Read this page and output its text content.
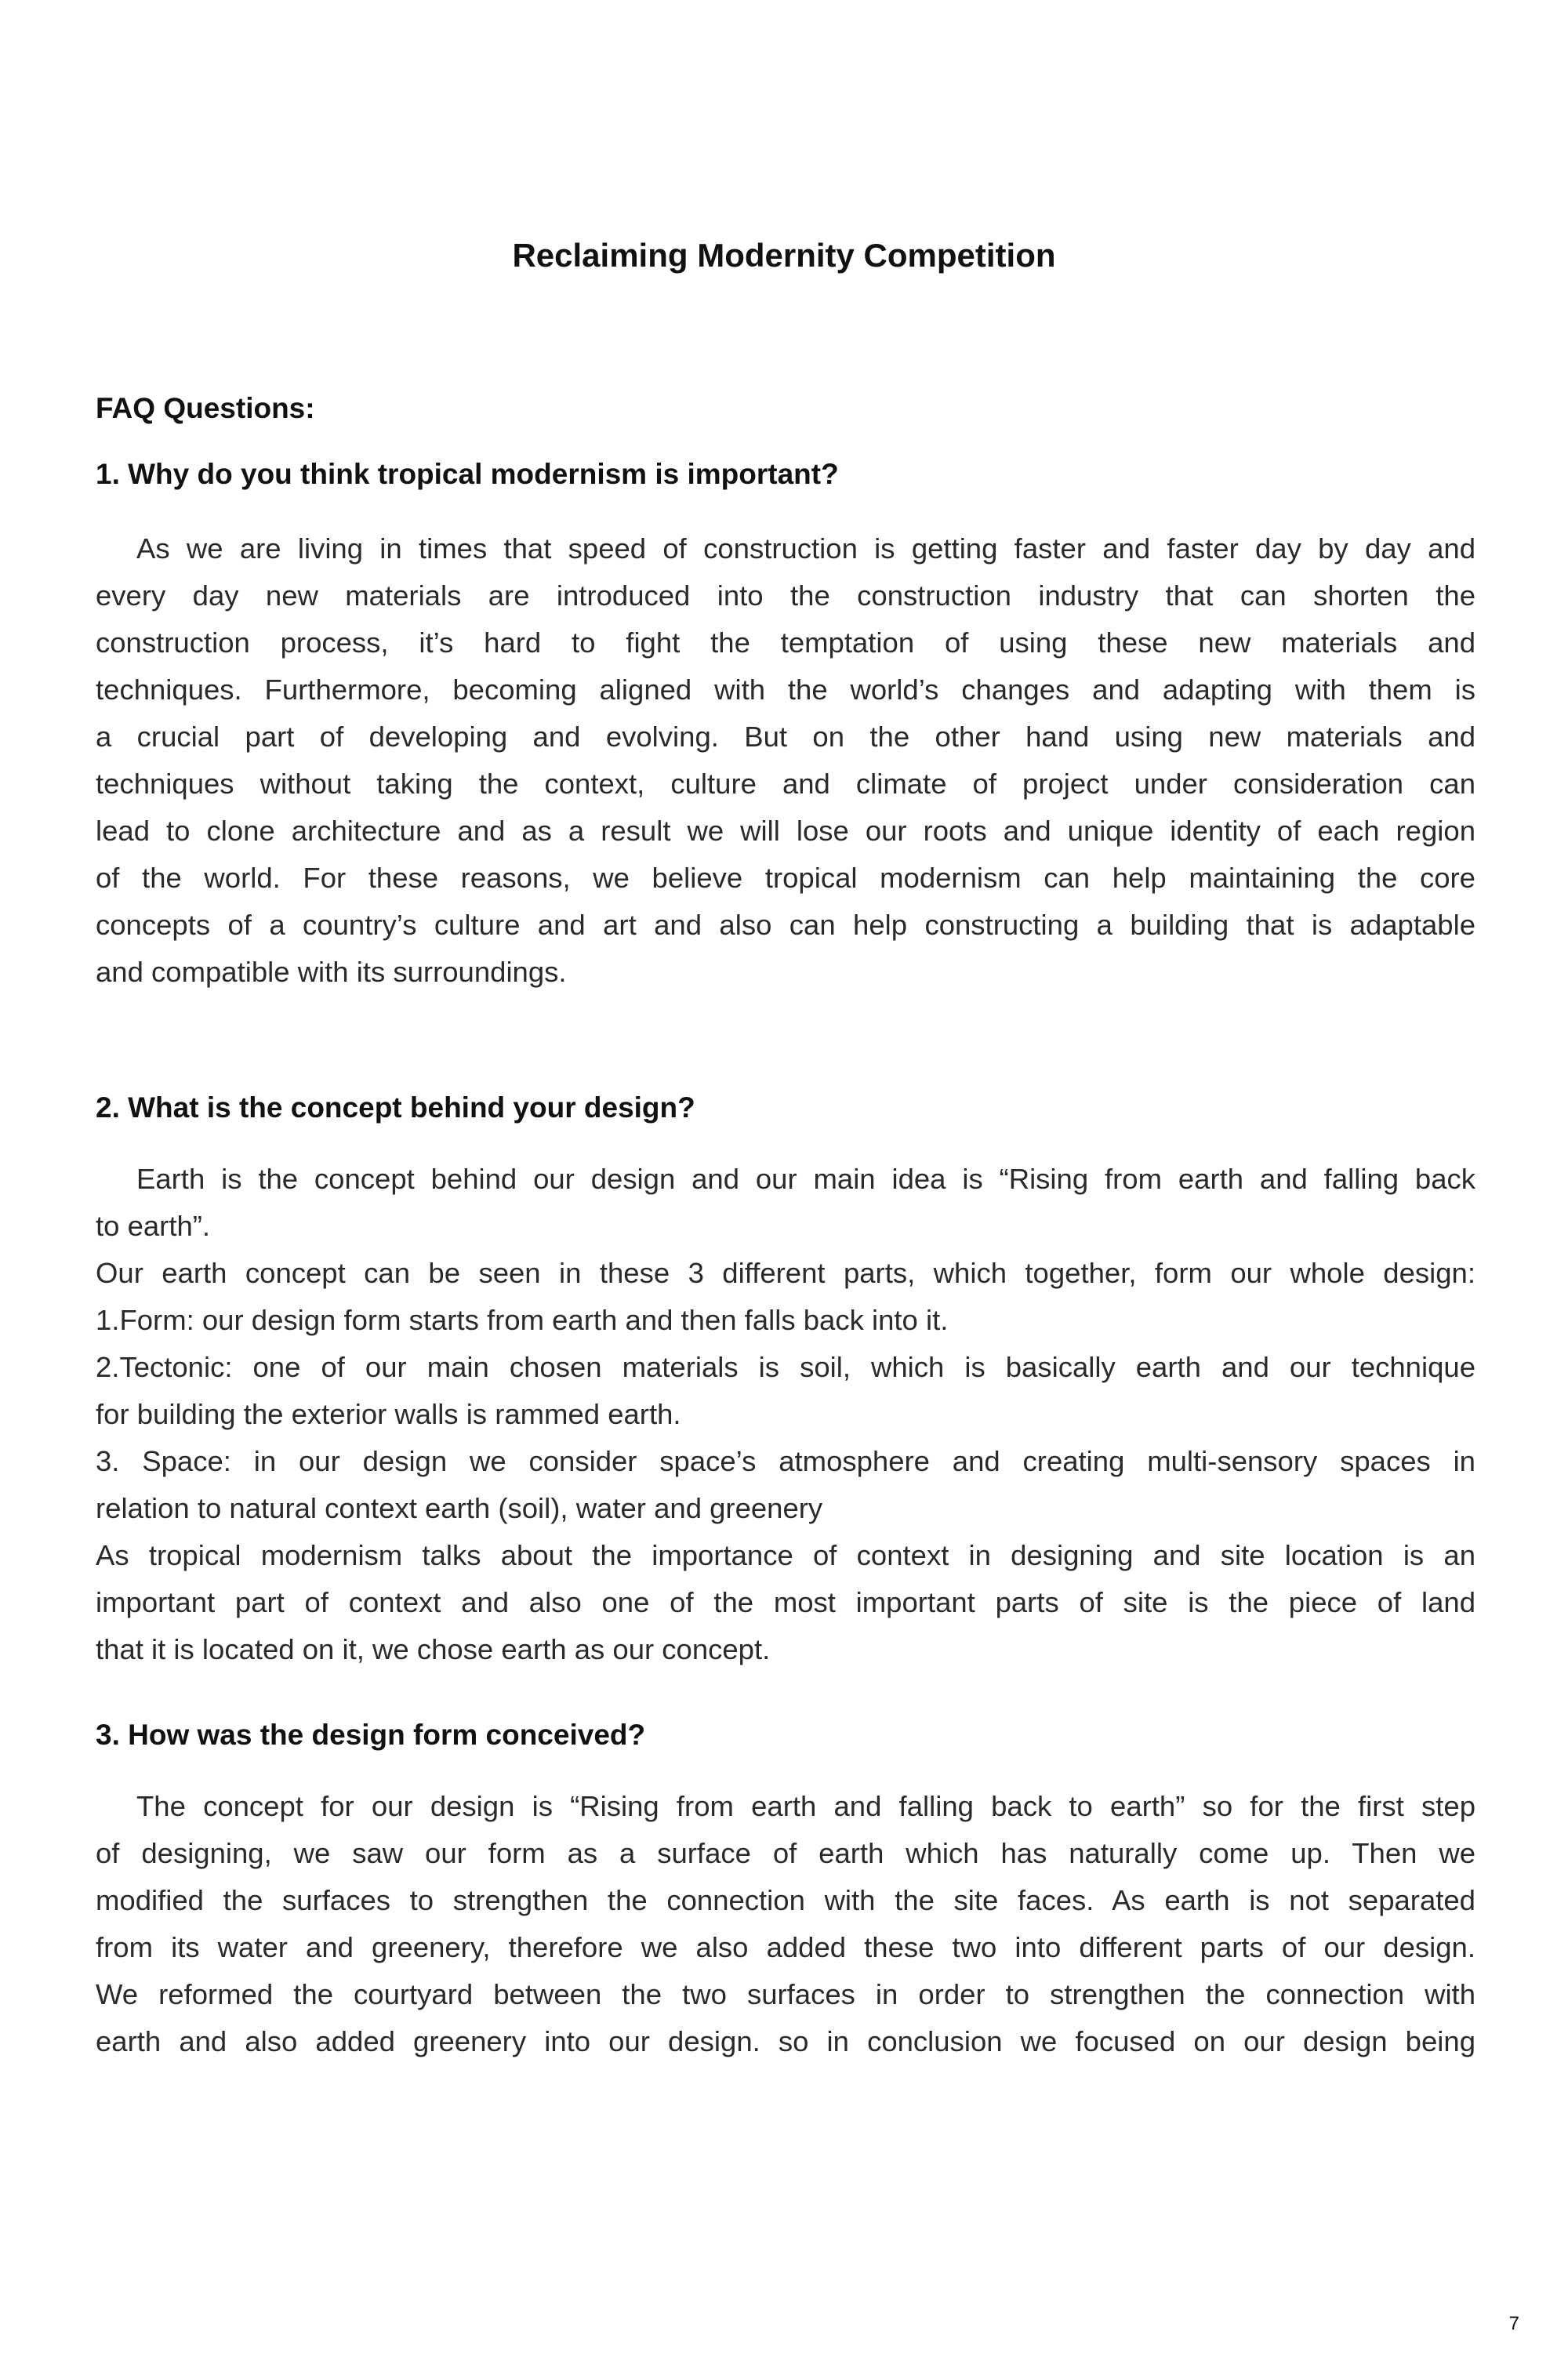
Reclaiming Modernity Competition
FAQ Questions:
1. Why do you think tropical modernism is important?
As we are living in times that speed of construction is getting faster and faster day by day and
every day new materials are introduced into the construction industry that can shorten the
construction process, it’s hard to fight the temptation of using these new materials and
techniques. Furthermore, becoming aligned with the world’s changes and adapting with them is
a crucial part of developing and evolving. But on the other hand using new materials and
techniques without taking the context, culture and climate of project under consideration can
lead to clone architecture and as a result we will lose our roots and unique identity of each region
of the world. For these reasons, we believe tropical modernism can help maintaining the core
concepts of a country’s culture and art and also can help constructing a building that is adaptable
and compatible with its surroundings.
2. What is the concept behind your design?
Earth is the concept behind our design and our main idea is “Rising from earth and falling back
to earth”.
Our earth concept can be seen in these 3 different parts, which together, form our whole design:
1.Form: our design form starts from earth and then falls back into it.
2.Tectonic: one of our main chosen materials is soil, which is basically earth and our technique
for building the exterior walls is rammed earth.
3. Space: in our design we consider space’s atmosphere and creating multi-sensory spaces in
relation to natural context earth (soil), water and greenery
As tropical modernism talks about the importance of context in designing and site location is an
important part of context and also one of the most important parts of site is the piece of land
that it is located on it, we chose earth as our concept.
3. How was the design form conceived?
The concept for our design is “Rising from earth and falling back to earth” so for the first step
of designing, we saw our form as a surface of earth which has naturally come up. Then we
modified the surfaces to strengthen the connection with the site faces. As earth is not separated
from its water and greenery, therefore we also added these two into different parts of our design.
We reformed the courtyard between the two surfaces in order to strengthen the connection with
earth and also added greenery into our design. so in conclusion we focused on our design being
7
